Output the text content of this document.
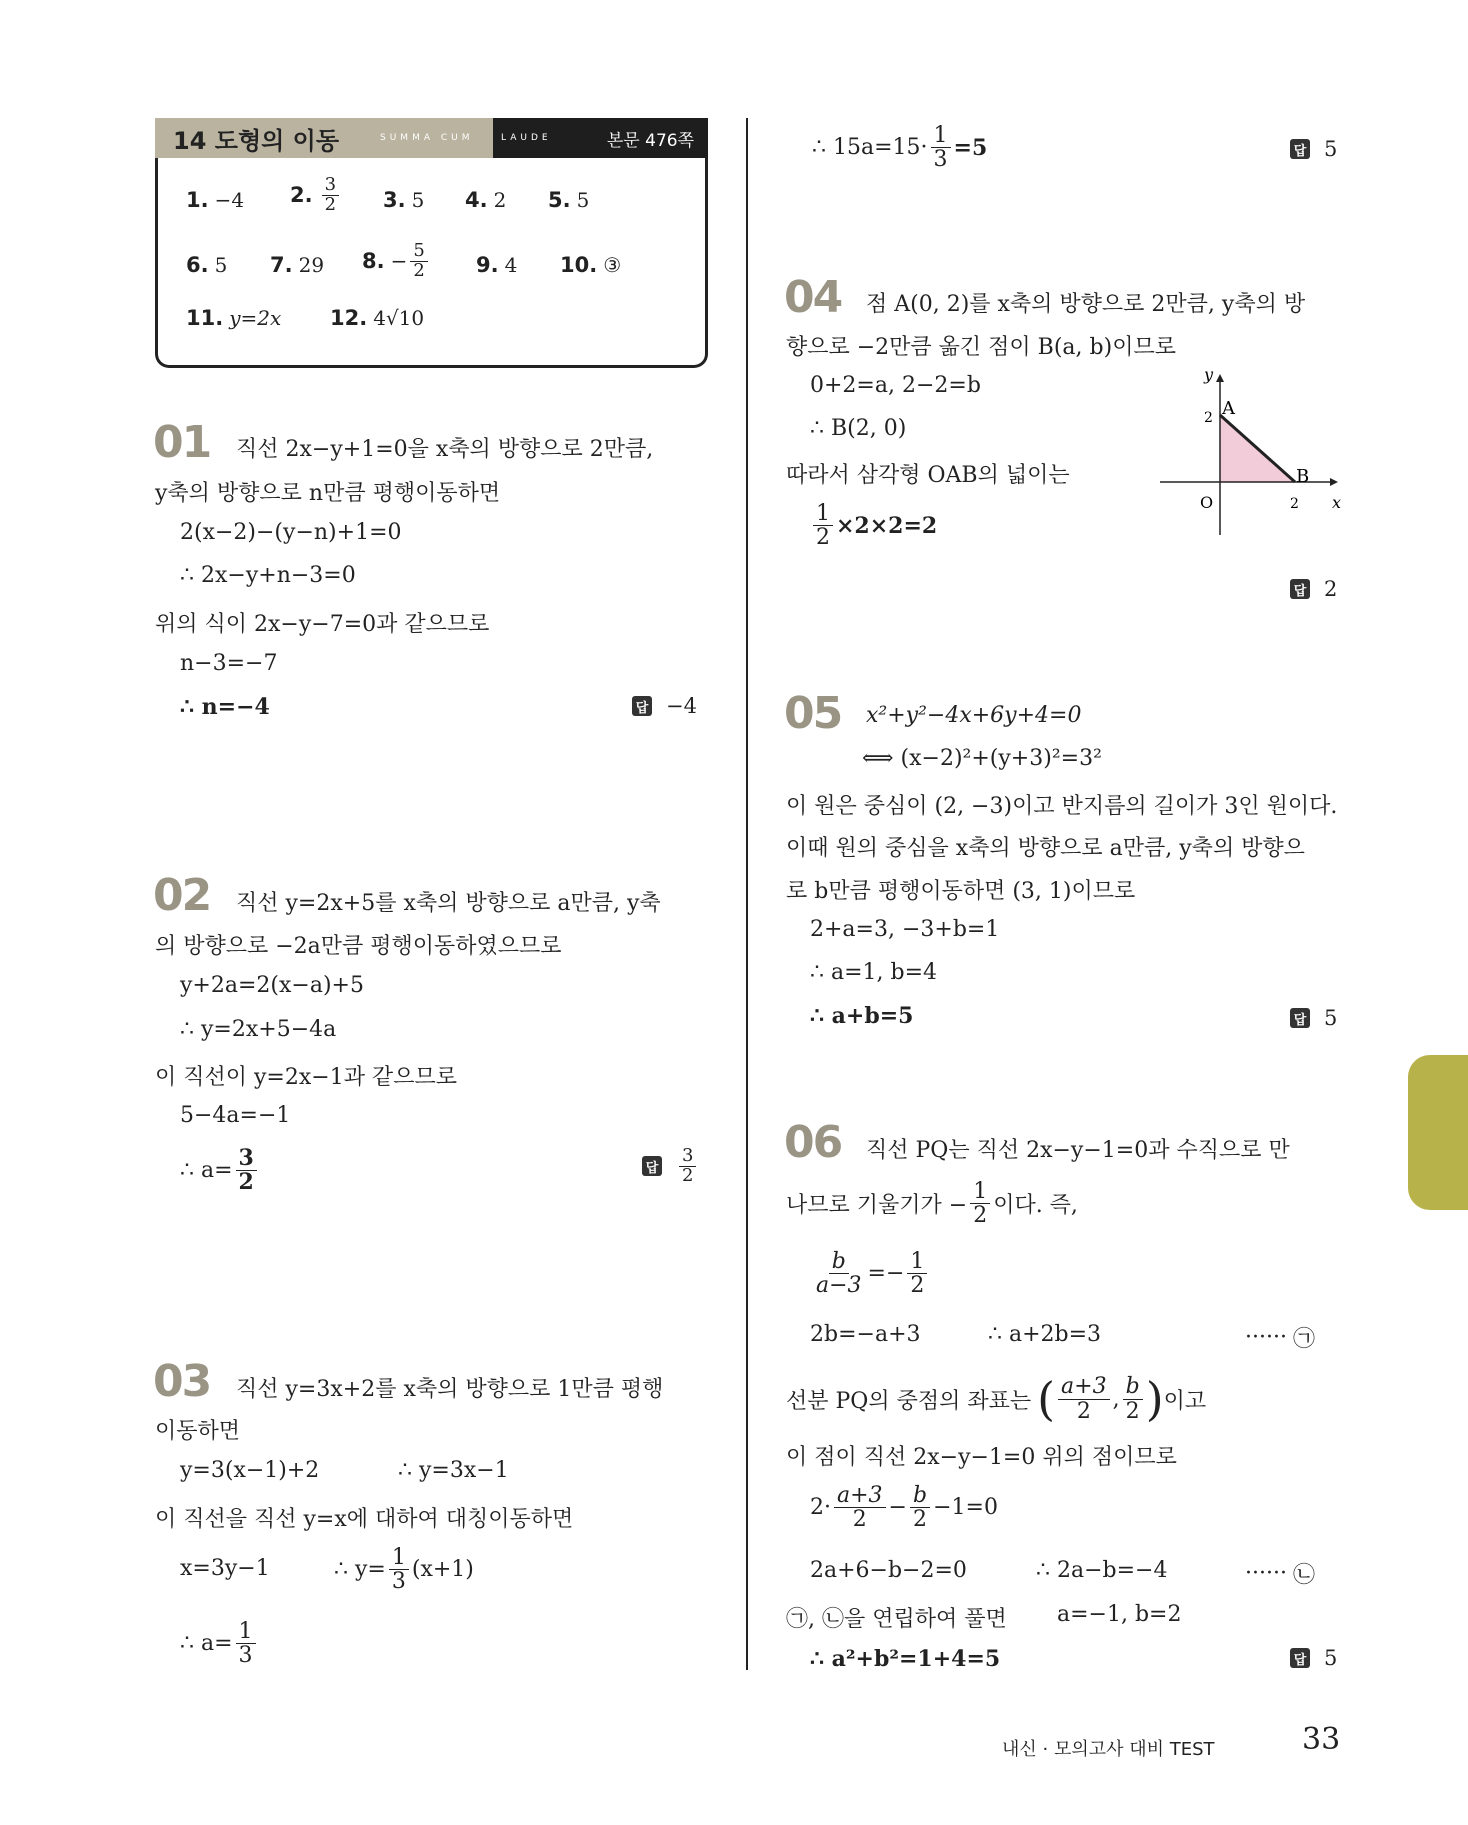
14 도형의 이동	SUMMA CUM	LAUDE	본문 476쪽
1. −4 2. $\frac{3}{2} 3$. 5 4. 2 5. 5
6. 5 7. 29 8. − $\frac{5}{2} 9$. 4 10. ③
11. y=2x 12. 4√10
01 직선 2x−y+1=0을 x축의 방향으로 2만큼,
y축의 방향으로 n만큼 평행이동하면
2(x−2)−(y−n)+1=0
∴ 2x−y+n−3=0
위의 식이 2x−y−7=0과 같으므로
n−3=−7
∴ n=−4	답 −4
02 직선 y=2x+5를 x축의 방향으로 a만큼, y축
의 방향으로 −2a만큼 평행이동하였으므로
y+2a=2(x−a)+5
∴ y=2x+5−4a
이 직선이 y=2x−1과 같으므로
5−4a=−1
∴ $a= \frac{3}{2}$	답 $\frac{3}{2}$
03 직선 y=3x+2를 x축의 방향으로 1만큼 평행
이동하면
y=3(x−1)+2	∴ y=3x−1
이 직선을 직선 y=x에 대하여 대칭이동하면
x=3y−1	∴ $y= \frac{1}{3} (x+1)$
∴ $a= \frac{1}{3}$
∴ $15a=15\cdot \frac{1}{3} =5$	답 5
04 점 A(0, 2)를 x축의 방향으로 2만큼, y축의 방
향으로 −2만큼 옮긴 점이 B(a, b)이므로
0+2=a, 2−2=b
∴ B(2, 0)
따라서 삼각형 OAB의 넓이는
$\frac{1}{2} \times 2\times 2=2$
y
x
O
A
B
2
2
답 2
05 x²+y²−4x+6y+4=0
⟺ (x−2)²+(y+3)²=3²
이 원은 중심이 (2, −3)이고 반지름의 길이가 3인 원이다.
이때 원의 중심을 x축의 방향으로 a만큼, y축의 방향으
로 b만큼 평행이동하면 (3, 1)이므로
2+a=3, −3+b=1
∴ a=1, b=4
∴ a+b=5	답 5
06 직선 PQ는 직선 2x−y−1=0과 수직으로 만
나므로 기울기가 − $\frac{1}{2}$ 이다. 즉,
$\frac{b}{a-3} =- \frac{1}{2}$
2b=−a+3	∴ a+2b=3	······ ㉠
선분 PQ의 중점의 좌표는 ( $\frac{a+3}{2}$ , $\frac{b}{2}$ ) 이고
이 점이 직선 2x−y−1=0 위의 점이므로
$2\cdot \frac{a+3}{2} - \frac{b}{2} -1=0$
2a+6−b−2=0	∴ 2a−b=−4	······ ㉡
㉠, ㉡을 연립하여 풀면 a=−1, b=2
∴ a²+b²=1+4=5	답 5
내신 · 모의고사 대비 TEST	33
